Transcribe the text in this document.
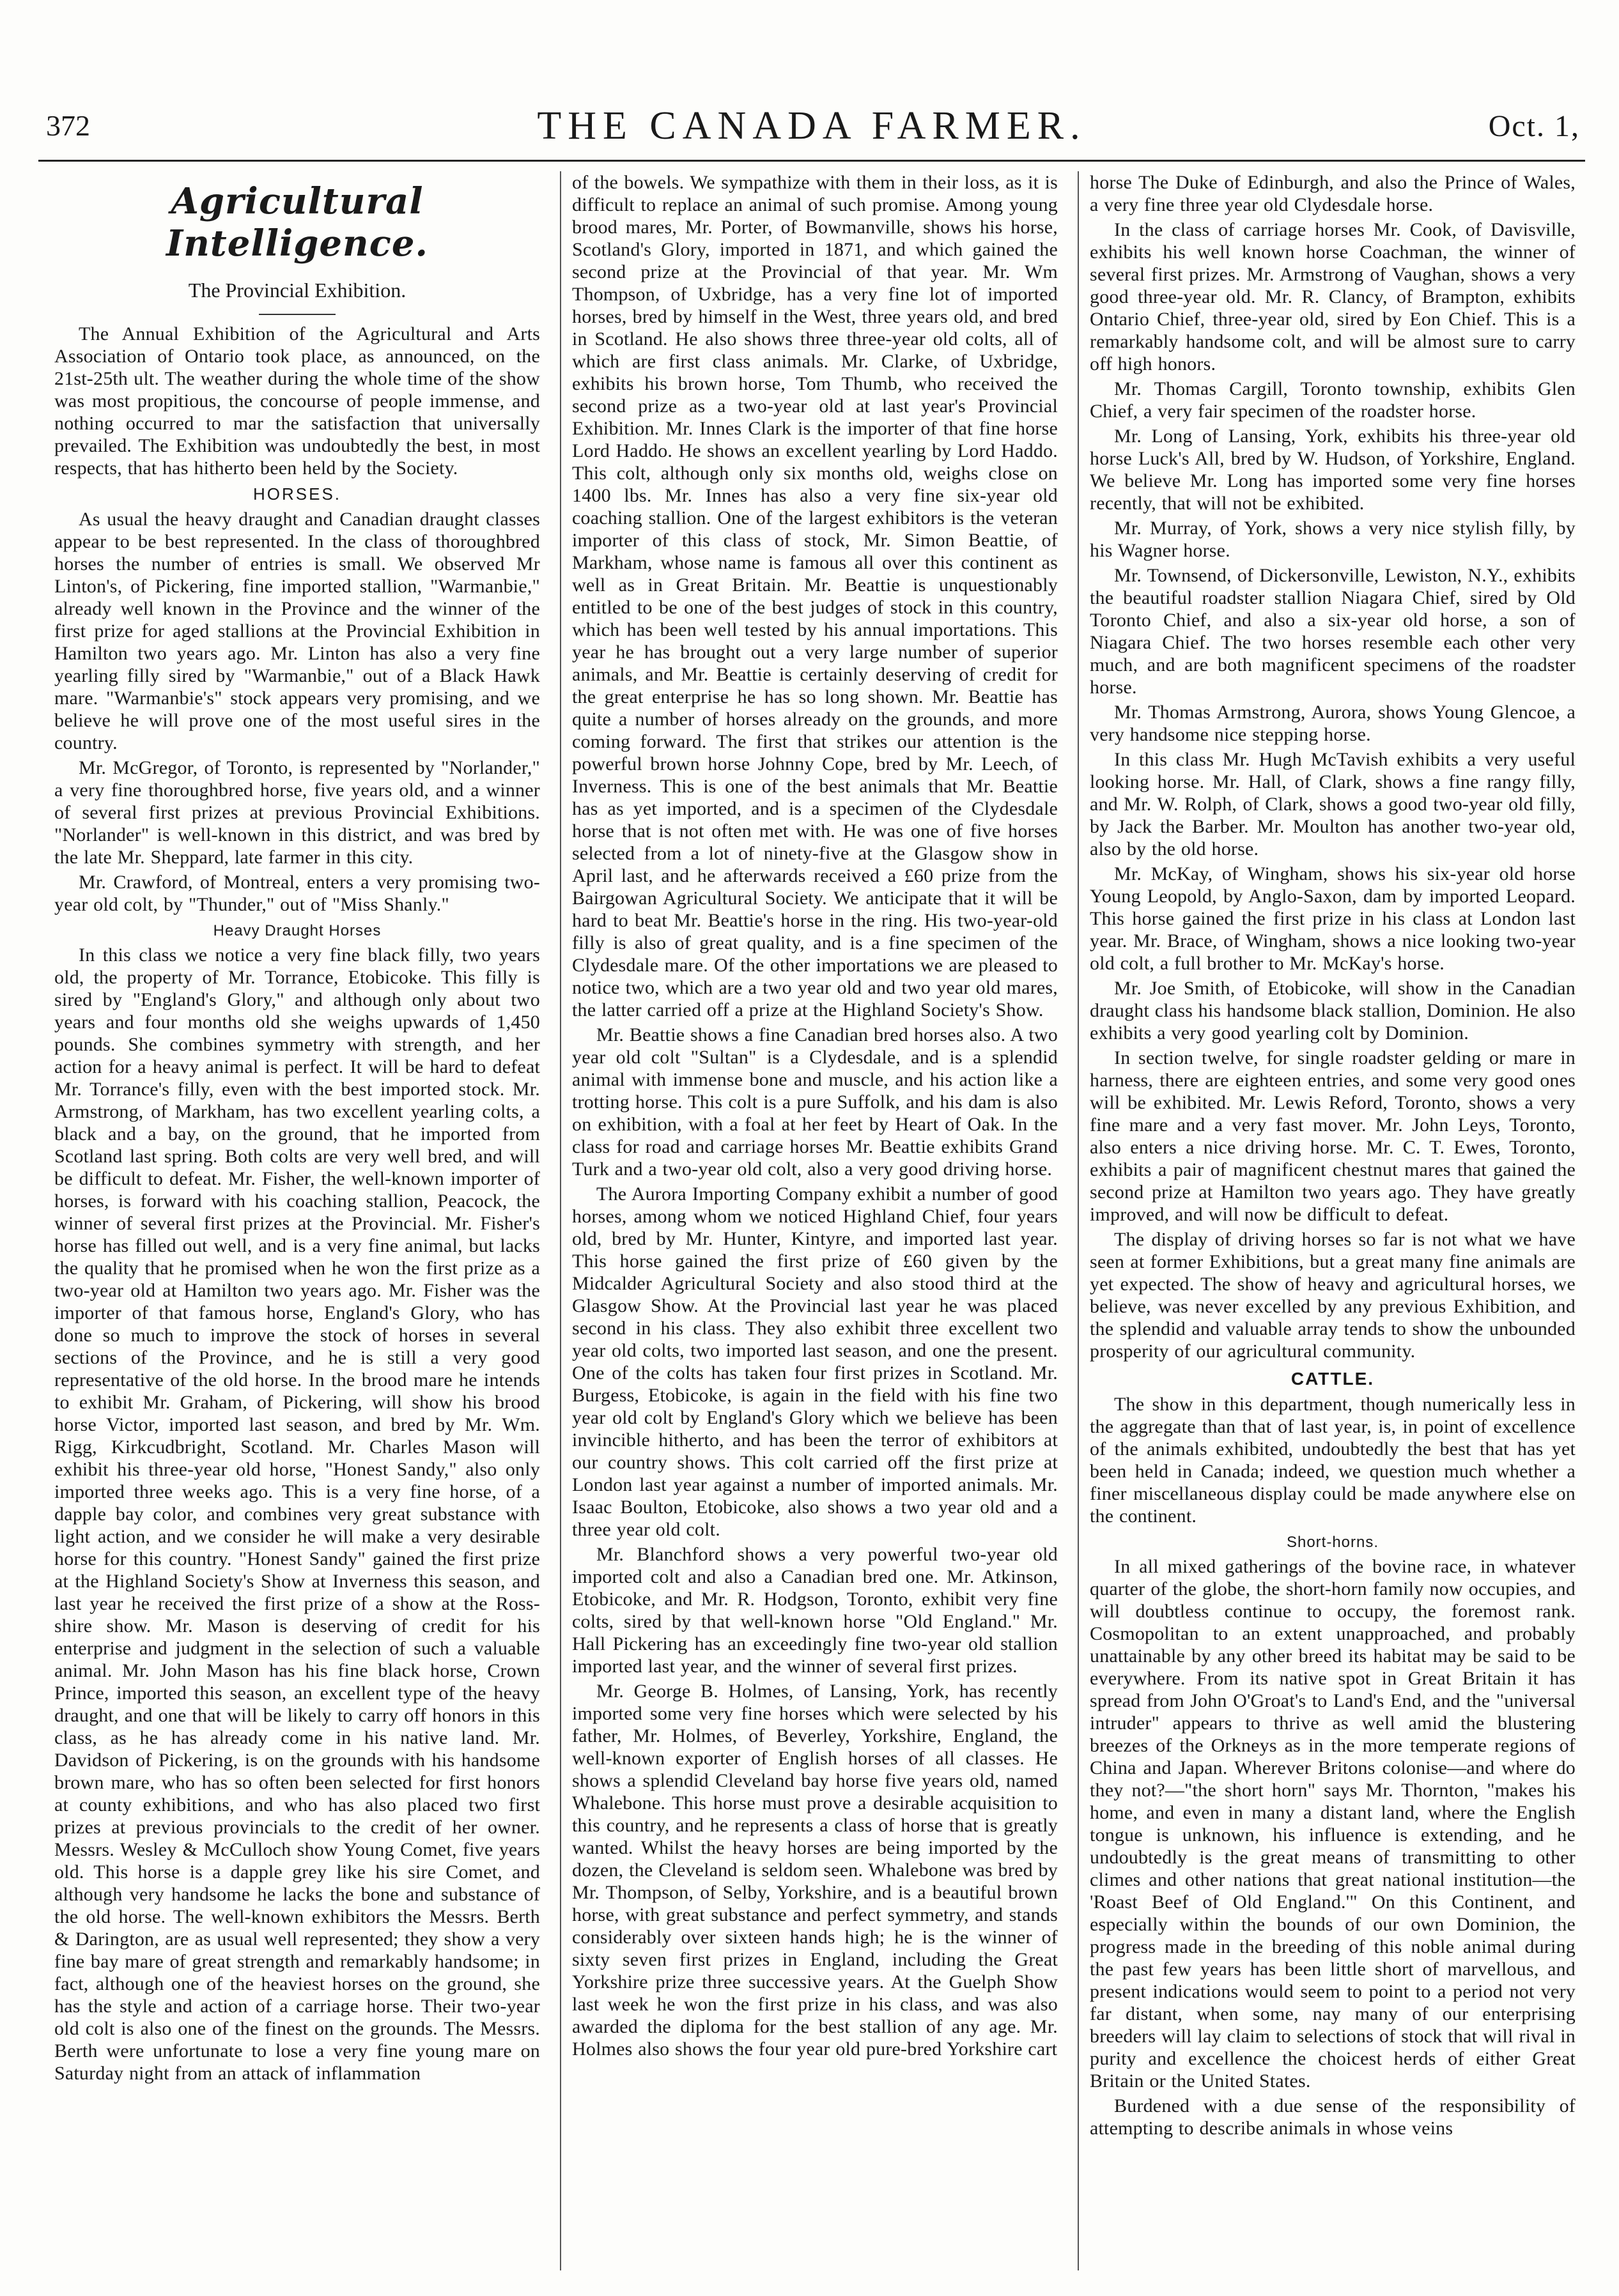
372	THE CANADA FARMER.	Oct. 1,
Agricultural Intelligence.
The Provincial Exhibition.

The Annual Exhibition of the Agricultural and Arts Association of Ontario took place, as announced, on the 21st-25th ult. The weather during the whole time of the show was most propitious, the concourse of people immense, and nothing occurred to mar the satisfaction that universally prevailed. The Exhibition was undoubtedly the best, in most respects, that has hitherto been held by the Society.

HORSES.

As usual the heavy draught and Canadian draught classes appear to be best represented. In the class of thoroughbred horses the number of entries is small. We observed Mr Linton's, of Pickering, fine imported stallion, "Warmanbie," already well known in the Province and the winner of the first prize for aged stallions at the Provincial Exhibition in Hamilton two years ago. Mr. Linton has also a very fine yearling filly sired by "Warmanbie," out of a Black Hawk mare. "Warmanbie's" stock appears very promising, and we believe he will prove one of the most useful sires in the country.

Mr. McGregor, of Toronto, is represented by "Norlander," a very fine thoroughbred horse, five years old, and a winner of several first prizes at previous Provincial Exhibitions. "Norlander" is well-known in this district, and was bred by the late Mr. Sheppard, late farmer in this city.

Mr. Crawford, of Montreal, enters a very promising two-year old colt, by "Thunder," out of "Miss Shanly."

Heavy Draught Horses

In this class we notice a very fine black filly, two years old, the property of Mr. Torrance, Etobicoke. This filly is sired by "England's Glory," and although only about two years and four months old she weighs upwards of 1,450 pounds. She combines symmetry with strength, and her action for a heavy animal is perfect. It will be hard to defeat Mr. Torrance's filly, even with the best imported stock. Mr. Armstrong, of Markham, has two excellent yearling colts, a black and a bay, on the ground, that he imported from Scotland last spring. Both colts are very well bred, and will be difficult to defeat. Mr. Fisher, the well-known importer of horses, is forward with his coaching stallion, Peacock, the winner of several first prizes at the Provincial. Mr. Fisher's horse has filled out well, and is a very fine animal, but lacks the quality that he promised when he won the first prize as a two-year old at Hamilton two years ago. Mr. Fisher was the importer of that famous horse, England's Glory, who has done so much to improve the stock of horses in several sections of the Province, and he is still a very good representative of the old horse. In the brood mare he intends to exhibit Mr. Graham, of Pickering, will show his brood horse Victor, imported last season, and bred by Mr. Wm. Rigg, Kirkcudbright, Scotland. Mr. Charles Mason will exhibit his three-year old horse, "Honest Sandy," also only imported three weeks ago. This is a very fine horse, of a dapple bay color, and combines very great substance with light action, and we consider he will make a very desirable horse for this country. "Honest Sandy" gained the first prize at the Highland Society's Show at Inverness this season, and last year he received the first prize of a show at the Ross-shire show. Mr. Mason is deserving of credit for his enterprise and judgment in the selection of such a valuable animal. Mr. John Mason has his fine black horse, Crown Prince, imported this season, an excellent type of the heavy draught, and one that will be likely to carry off honors in this class, as he has already come in his native land. Mr. Davidson of Pickering, is on the grounds with his handsome brown mare, who has so often been selected for first honors at county exhibitions, and who has also placed two first prizes at previous provincials to the credit of her owner. Messrs. Wesley & McCulloch show Young Comet, five years old. This horse is a dapple grey like his sire Comet, and although very handsome he lacks the bone and substance of the old horse. The well-known exhibitors the Messrs. Berth & Darington, are as usual well represented; they show a very fine bay mare of great strength and remarkably handsome; in fact, although one of the heaviest horses on the ground, she has the style and action of a carriage horse. Their two-year old colt is also one of the finest on the grounds. The Messrs. Berth were unfortunate to lose a very fine young mare on Saturday night from an attack of inflammation

of the bowels. We sympathize with them in their loss, as it is difficult to replace an animal of such promise. Among young brood mares, Mr. Porter, of Bowmanville, shows his horse, Scotland's Glory, imported in 1871, and which gained the second prize at the Provincial of that year. Mr. Wm Thompson, of Uxbridge, has a very fine lot of imported horses, bred by himself in the West, three years old, and bred in Scotland. He also shows three three-year old colts, all of which are first class animals. Mr. Clarke, of Uxbridge, exhibits his brown horse, Tom Thumb, who received the second prize as a two-year old at last year's Provincial Exhibition. Mr. Innes Clark is the importer of that fine horse Lord Haddo. He shows an excellent yearling by Lord Haddo. This colt, although only six months old, weighs close on 1400 lbs. Mr. Innes has also a very fine six-year old coaching stallion. One of the largest exhibitors is the veteran importer of this class of stock, Mr. Simon Beattie, of Markham, whose name is famous all over this continent as well as in Great Britain. Mr. Beattie is unquestionably entitled to be one of the best judges of stock in this country, which has been well tested by his annual importations. This year he has brought out a very large number of superior animals, and Mr. Beattie is certainly deserving of credit for the great enterprise he has so long shown. Mr. Beattie has quite a number of horses already on the grounds, and more coming forward. The first that strikes our attention is the powerful brown horse Johnny Cope, bred by Mr. Leech, of Inverness. This is one of the best animals that Mr. Beattie has as yet imported, and is a specimen of the Clydesdale horse that is not often met with. He was one of five horses selected from a lot of ninety-five at the Glasgow show in April last, and he afterwards received a £60 prize from the Bairgowan Agricultural Society. We anticipate that it will be hard to beat Mr. Beattie's horse in the ring. His two-year-old filly is also of great quality, and is a fine specimen of the Clydesdale mare. Of the other importations we are pleased to notice two, which are a two year old and two year old mares, the latter carried off a prize at the Highland Society's Show.

Mr. Beattie shows a fine Canadian bred horses also. A two year old colt "Sultan" is a Clydesdale, and is a splendid animal with immense bone and muscle, and his action like a trotting horse. This colt is a pure Suffolk, and his dam is also on exhibition, with a foal at her feet by Heart of Oak. In the class for road and carriage horses Mr. Beattie exhibits Grand Turk and a two-year old colt, also a very good driving horse.

The Aurora Importing Company exhibit a number of good horses, among whom we noticed Highland Chief, four years old, bred by Mr. Hunter, Kintyre, and imported last year. This horse gained the first prize of £60 given by the Midcalder Agricultural Society and also stood third at the Glasgow Show. At the Provincial last year he was placed second in his class. They also exhibit three excellent two year old colts, two imported last season, and one the present. One of the colts has taken four first prizes in Scotland. Mr. Burgess, Etobicoke, is again in the field with his fine two year old colt by England's Glory which we believe has been invincible hitherto, and has been the terror of exhibitors at our country shows. This colt carried off the first prize at London last year against a number of imported animals. Mr. Isaac Boulton, Etobicoke, also shows a two year old and a three year old colt.

Mr. Blanchford shows a very powerful two-year old imported colt and also a Canadian bred one. Mr. Atkinson, Etobicoke, and Mr. R. Hodgson, Toronto, exhibit very fine colts, sired by that well-known horse "Old England." Mr. Hall Pickering has an exceedingly fine two-year old stallion imported last year, and the winner of several first prizes.

Mr. George B. Holmes, of Lansing, York, has recently imported some very fine horses which were selected by his father, Mr. Holmes, of Beverley, Yorkshire, England, the well-known exporter of English horses of all classes. He shows a splendid Cleveland bay horse five years old, named Whalebone. This horse must prove a desirable acquisition to this country, and he represents a class of horse that is greatly wanted. Whilst the heavy horses are being imported by the dozen, the Cleveland is seldom seen. Whalebone was bred by Mr. Thompson, of Selby, Yorkshire, and is a beautiful brown horse, with great substance and perfect symmetry, and stands considerably over sixteen hands high; he is the winner of sixty seven first prizes in England, including the Great Yorkshire prize three successive years. At the Guelph Show last week he won the first prize in his class, and was also awarded the diploma for the best stallion of any age. Mr. Holmes also shows the four year old pure-bred Yorkshire cart

horse The Duke of Edinburgh, and also the Prince of Wales, a very fine three year old Clydesdale horse.

In the class of carriage horses Mr. Cook, of Davisville, exhibits his well known horse Coachman, the winner of several first prizes. Mr. Armstrong of Vaughan, shows a very good three-year old. Mr. R. Clancy, of Brampton, exhibits Ontario Chief, three-year old, sired by Eon Chief. This is a remarkably handsome colt, and will be almost sure to carry off high honors.

Mr. Thomas Cargill, Toronto township, exhibits Glen Chief, a very fair specimen of the roadster horse.

Mr. Long of Lansing, York, exhibits his three-year old horse Luck's All, bred by W. Hudson, of Yorkshire, England. We believe Mr. Long has imported some very fine horses recently, that will not be exhibited.

Mr. Murray, of York, shows a very nice stylish filly, by his Wagner horse.

Mr. Townsend, of Dickersonville, Lewiston, N.Y., exhibits the beautiful roadster stallion Niagara Chief, sired by Old Toronto Chief, and also a six-year old horse, a son of Niagara Chief. The two horses resemble each other very much, and are both magnificent specimens of the roadster horse.

Mr. Thomas Armstrong, Aurora, shows Young Glencoe, a very handsome nice stepping horse.

In this class Mr. Hugh McTavish exhibits a very useful looking horse. Mr. Hall, of Clark, shows a fine rangy filly, and Mr. W. Rolph, of Clark, shows a good two-year old filly, by Jack the Barber. Mr. Moulton has another two-year old, also by the old horse.

Mr. McKay, of Wingham, shows his six-year old horse Young Leopold, by Anglo-Saxon, dam by imported Leopard. This horse gained the first prize in his class at London last year. Mr. Brace, of Wingham, shows a nice looking two-year old colt, a full brother to Mr. McKay's horse.

Mr. Joe Smith, of Etobicoke, will show in the Canadian draught class his handsome black stallion, Dominion. He also exhibits a very good yearling colt by Dominion.

In section twelve, for single roadster gelding or mare in harness, there are eighteen entries, and some very good ones will be exhibited. Mr. Lewis Reford, Toronto, shows a very fine mare and a very fast mover. Mr. John Leys, Toronto, also enters a nice driving horse. Mr. C. T. Ewes, Toronto, exhibits a pair of magnificent chestnut mares that gained the second prize at Hamilton two years ago. They have greatly improved, and will now be difficult to defeat.

The display of driving horses so far is not what we have seen at former Exhibitions, but a great many fine animals are yet expected. The show of heavy and agricultural horses, we believe, was never excelled by any previous Exhibition, and the splendid and valuable array tends to show the unbounded prosperity of our agricultural community.

CATTLE.

The show in this department, though numerically less in the aggregate than that of last year, is, in point of excellence of the animals exhibited, undoubtedly the best that has yet been held in Canada; indeed, we question much whether a finer miscellaneous display could be made anywhere else on the continent.

Short-horns.

In all mixed gatherings of the bovine race, in whatever quarter of the globe, the short-horn family now occupies, and will doubtless continue to occupy, the foremost rank. Cosmopolitan to an extent unapproached, and probably unattainable by any other breed its habitat may be said to be everywhere. From its native spot in Great Britain it has spread from John O'Groat's to Land's End, and the "universal intruder" appears to thrive as well amid the blustering breezes of the Orkneys as in the more temperate regions of China and Japan. Wherever Britons colonise—and where do they not?—"the short horn" says Mr. Thornton, "makes his home, and even in many a distant land, where the English tongue is unknown, his influence is extending, and he undoubtedly is the great means of transmitting to other climes and other nations that great national institution—the 'Roast Beef of Old England.'" On this Continent, and especially within the bounds of our own Dominion, the progress made in the breeding of this noble animal during the past few years has been little short of marvellous, and present indications would seem to point to a period not very far distant, when some, nay many of our enterprising breeders will lay claim to selections of stock that will rival in purity and excellence the choicest herds of either Great Britain or the United States.

Burdened with a due sense of the responsibility of attempting to describe animals in whose veins
